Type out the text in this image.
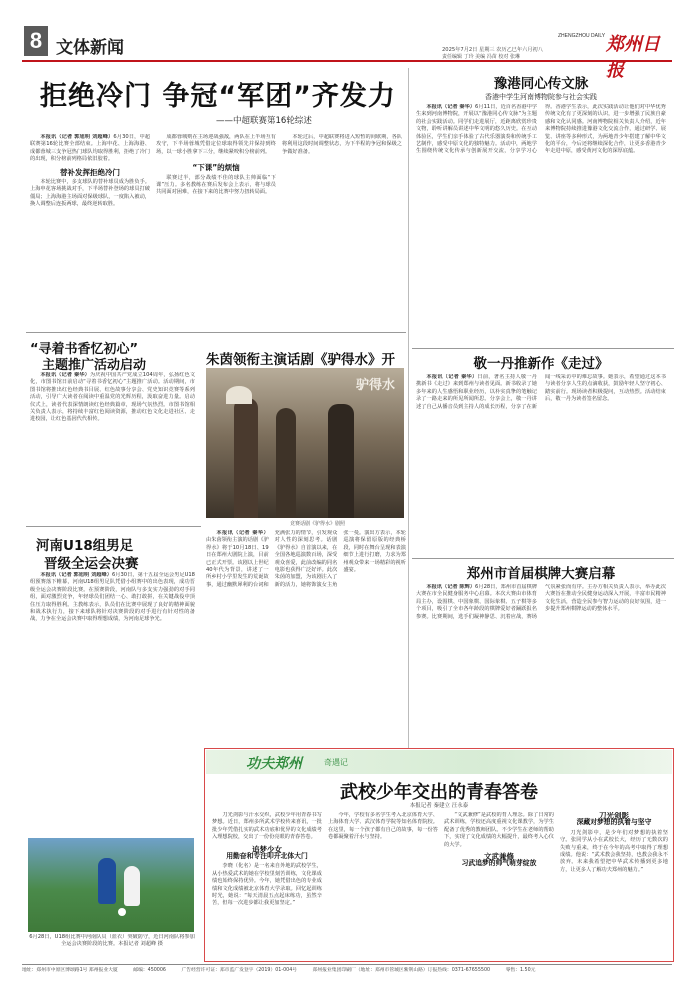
8 文体新闻	2025年7月2日 星期三 农历乙巳年六月初八
责任编辑 丁玲 美编 冯苗 校对 张琳
ZHENGZHOU DAILY 郑州日报
拒绝冷门 争冠“军团”齐发力
——中超联赛第16轮综述

本报讯（记者 郭旭明 刘超峰）6月30日，中超联赛第16轮比赛全部结束。上海申花、上海海港、成都蓉城三支争冠热门球队均取得胜利，拒绝了冷门的出现，积分榜前列格局依旧胶着。

替补发挥拒绝冷门

本轮比赛中，多支球队的替补球员成为胜负手。上海申花客场挑战对手，下半场替补登场的球员打破僵局；上海海港主场面对保级球队，一度陷入被动，换人调整后连扳两球，最终逆转取胜。

成都蓉城则在主场迎战强敌，两队在上半场互有攻守，下半场蓉城凭借定位球取得领先并保持到终场，以一球小胜拿下三分，继续紧咬积分榜前列。

“下课”的烦恼

联赛过半，部分战绩不佳的球队主帅面临“下课”压力。多名教练在赛后发布会上表示，将与球员共同面对困难，在接下来的比赛中努力扭转局面。

本轮过后，中超联赛将进入短暂的间歇期，各队将利用这段时间调整状态，为下半程的争冠和保级之争做好准备。

豫港同心传文脉
香港中学生河南博物院参与社会实践

本报讯（记者 秦华）6月11日，近百名香港中学生来到河南博物院，开展以“豫港同心传文脉”为主题的社会实践活动。同学们走进展厅，近距离欣赏珍贵文物，聆听讲解员讲述中华文明的悠久历史。在互动体验区，学生们亲手体验了古代乐器演奏和传统手工艺制作，感受中原文化的独特魅力。活动中，两地学生围绕传统文化传承与创新展开交流，分享学习心得。香港学生表示，此次实践活动让他们对中华优秀传统文化有了更深刻的认识，进一步增强了民族自豪感和文化认同感。河南博物院相关负责人介绍，近年来博物院持续推进豫港文化交流合作，通过研学、展览、讲座等多种形式，为两地青少年搭建了解中华文化的平台，今后还将继续深化合作，让更多香港青少年走进中原，感受黄河文化的深厚底蕴。

敬一丹推新作《走过》

本报讯（记者 秦华）日前，著名主持人敬一丹携新书《走过》来到郑州与读者见面。新书收录了她多年来的人生感悟和职业经历，以朴实真挚的笔触记录了一路走来的所见所闻所思。分享会上，敬一丹讲述了自己从播音员到主持人的成长历程，分享了在新闻一线采访中的难忘故事。她表示，希望通过这本书与读者分享人生的点滴收获，鼓励年轻人坚守初心、踏实前行。现场读者积极提问，互动热烈。活动结束后，敬一丹为读者签名留念。

郑州市首届棋牌大赛启幕

本报讯（记者 陈辉）6月28日，郑州市首届棋牌大赛在市全民健身服务中心启幕。本次大赛由市体育局主办，设围棋、中国象棋、国际象棋、五子棋等多个项目，吸引了全市各年龄段的棋牌爱好者踊跃报名参赛。比赛期间，选手们凝神静思、沉着应战，赛场气氛紧张而有序。主办方相关负责人表示，举办此次大赛旨在推动全民健身运动深入开展，丰富市民精神文化生活，营造全民参与智力运动的良好氛围，进一步提升郑州棋牌运动的整体水平。

“寻着书香忆初心”
主题推广活动启动

本报讯（记者 秦华）为庆祝中国共产党成立104周年，弘扬红色文化，市图书馆日前启动“寻着书香忆初心”主题推广活动。活动期间，市图书馆将推出红色经典书目展、红色故事分享会、党史知识竞赛等系列活动，引导广大读者在阅读中重温党的光辉历程，汲取奋进力量。启动仪式上，读者代表深情朗读红色经典篇章，现场气氛热烈。市图书馆相关负责人表示，将持续丰富红色阅读资源，推动红色文化走进社区、走进校园，让红色基因代代相传。

河南U18组男足
晋级全运会决赛

本报讯（记者 郭旭明 刘超峰）6月30日，第十五届全运会男足U18组预赛落下帷幕，河南U18组男足队凭借小组赛中的出色表现，成功晋级全运会决赛阶段比赛。在预赛阶段，河南队与多支实力强劲的对手同组，面对激烈竞争，年轻球员们团结一心、敢打敢拼，在关键战役中顶住压力取得胜利。主教练表示，队员们在比赛中展现了良好的精神面貌和战术执行力，接下来球队将针对决赛阶段的对手进行有针对性的备战，力争在全运会决赛中取得理想成绩，为河南足球争光。

6月28日，U18组比赛中河南队员（蓝衣）突破防守，近日河南队将参加全运会决赛阶段的比赛。本报记者 刘超峰 摄
朱茵领衔主演话剧《驴得水》开
驴得水
竞赛话剧《驴得水》剧照

本报讯（记者 秦华）由朱茵领衔主演的话剧《驴得水》将于10月18日、19日在郑州大剧院上演，目前已正式开票。该剧以上世纪40年代为背景，讲述了一所乡村小学里发生的荒诞故事，通过幽默犀利的台词和充满张力的情节，引发观众对人性的深刻思考。话剧《驴得水》自首演以来，在全国各地巡演数百场，深受观众喜爱，此前改编的同名电影也获得广泛好评。此次朱茵的加盟，为该剧注入了新的活力，她将饰演女主角张一曼。演出方表示，本轮巡演将保留原版的经典桥段，同时在舞台呈现和表演细节上进行打磨，力求为郑州观众带来一场精彩的视听盛宴。

功夫郑州	奇遇记
武校少年交出的青春答卷
本报记者 秦建立 汪永泰

刀光剑影与汗水交织，武校少年用青春书写梦想。近日，郑州多所武术学校传来喜讯，一批批少年凭借扎实的武术功底和优异的文化成绩考入理想院校，交出了一份份亮眼的青春答卷。

追梦少女
用勤奋和专注叩开北体大门

李晓（化名）是一名来自外地的武校学生，从小热爱武术的她在学校里刻苦训练，文化课成绩也始终保持优异。今年，她凭借出色的专业成绩和文化成绩被北京体育大学录取。回忆起训练时光，她说：“每天清晨五点起床练功，虽然辛苦，但每一次进步都让我更加坚定。”

今年，学校有多名学生考入北京体育大学、上海体育大学、武汉体育学院等知名体育院校。在这里，每一个孩子都有自己的故事，每一份答卷都凝聚着汗水与坚持。

“文武兼修”是武校的育人理念。除了日常的武术训练，学校还高度重视文化课教学，为学生配备了优秀的教师团队。不少学生在老师的帮助下，实现了文化成绩的大幅提升，最终考入心仪的大学。

文武兼修
习武追梦的帅气萌芽绽放
刀光剑影
深藏对梦想的执着与坚守

刀光剑影中，是少年们对梦想的执着坚守。张同学从小在武校长大，经历了无数次的失败与重来，终于在今年的高考中取得了理想成绩。他说：“武术教会我坚持，也教会我永不放弃。未来我希望把中华武术传播到更多地方，让更多人了解功夫郑州的魅力。”

地址：郑州市中原区博颂路1号 郑州报业大厦	邮编：450006	广告经营许可证：郑市监广发登字（2019）01-004号	郑州报业集团印刷厂（地址：郑州市管城区紫荆山路）订报热线：0371-67655500	零售：1.50元
